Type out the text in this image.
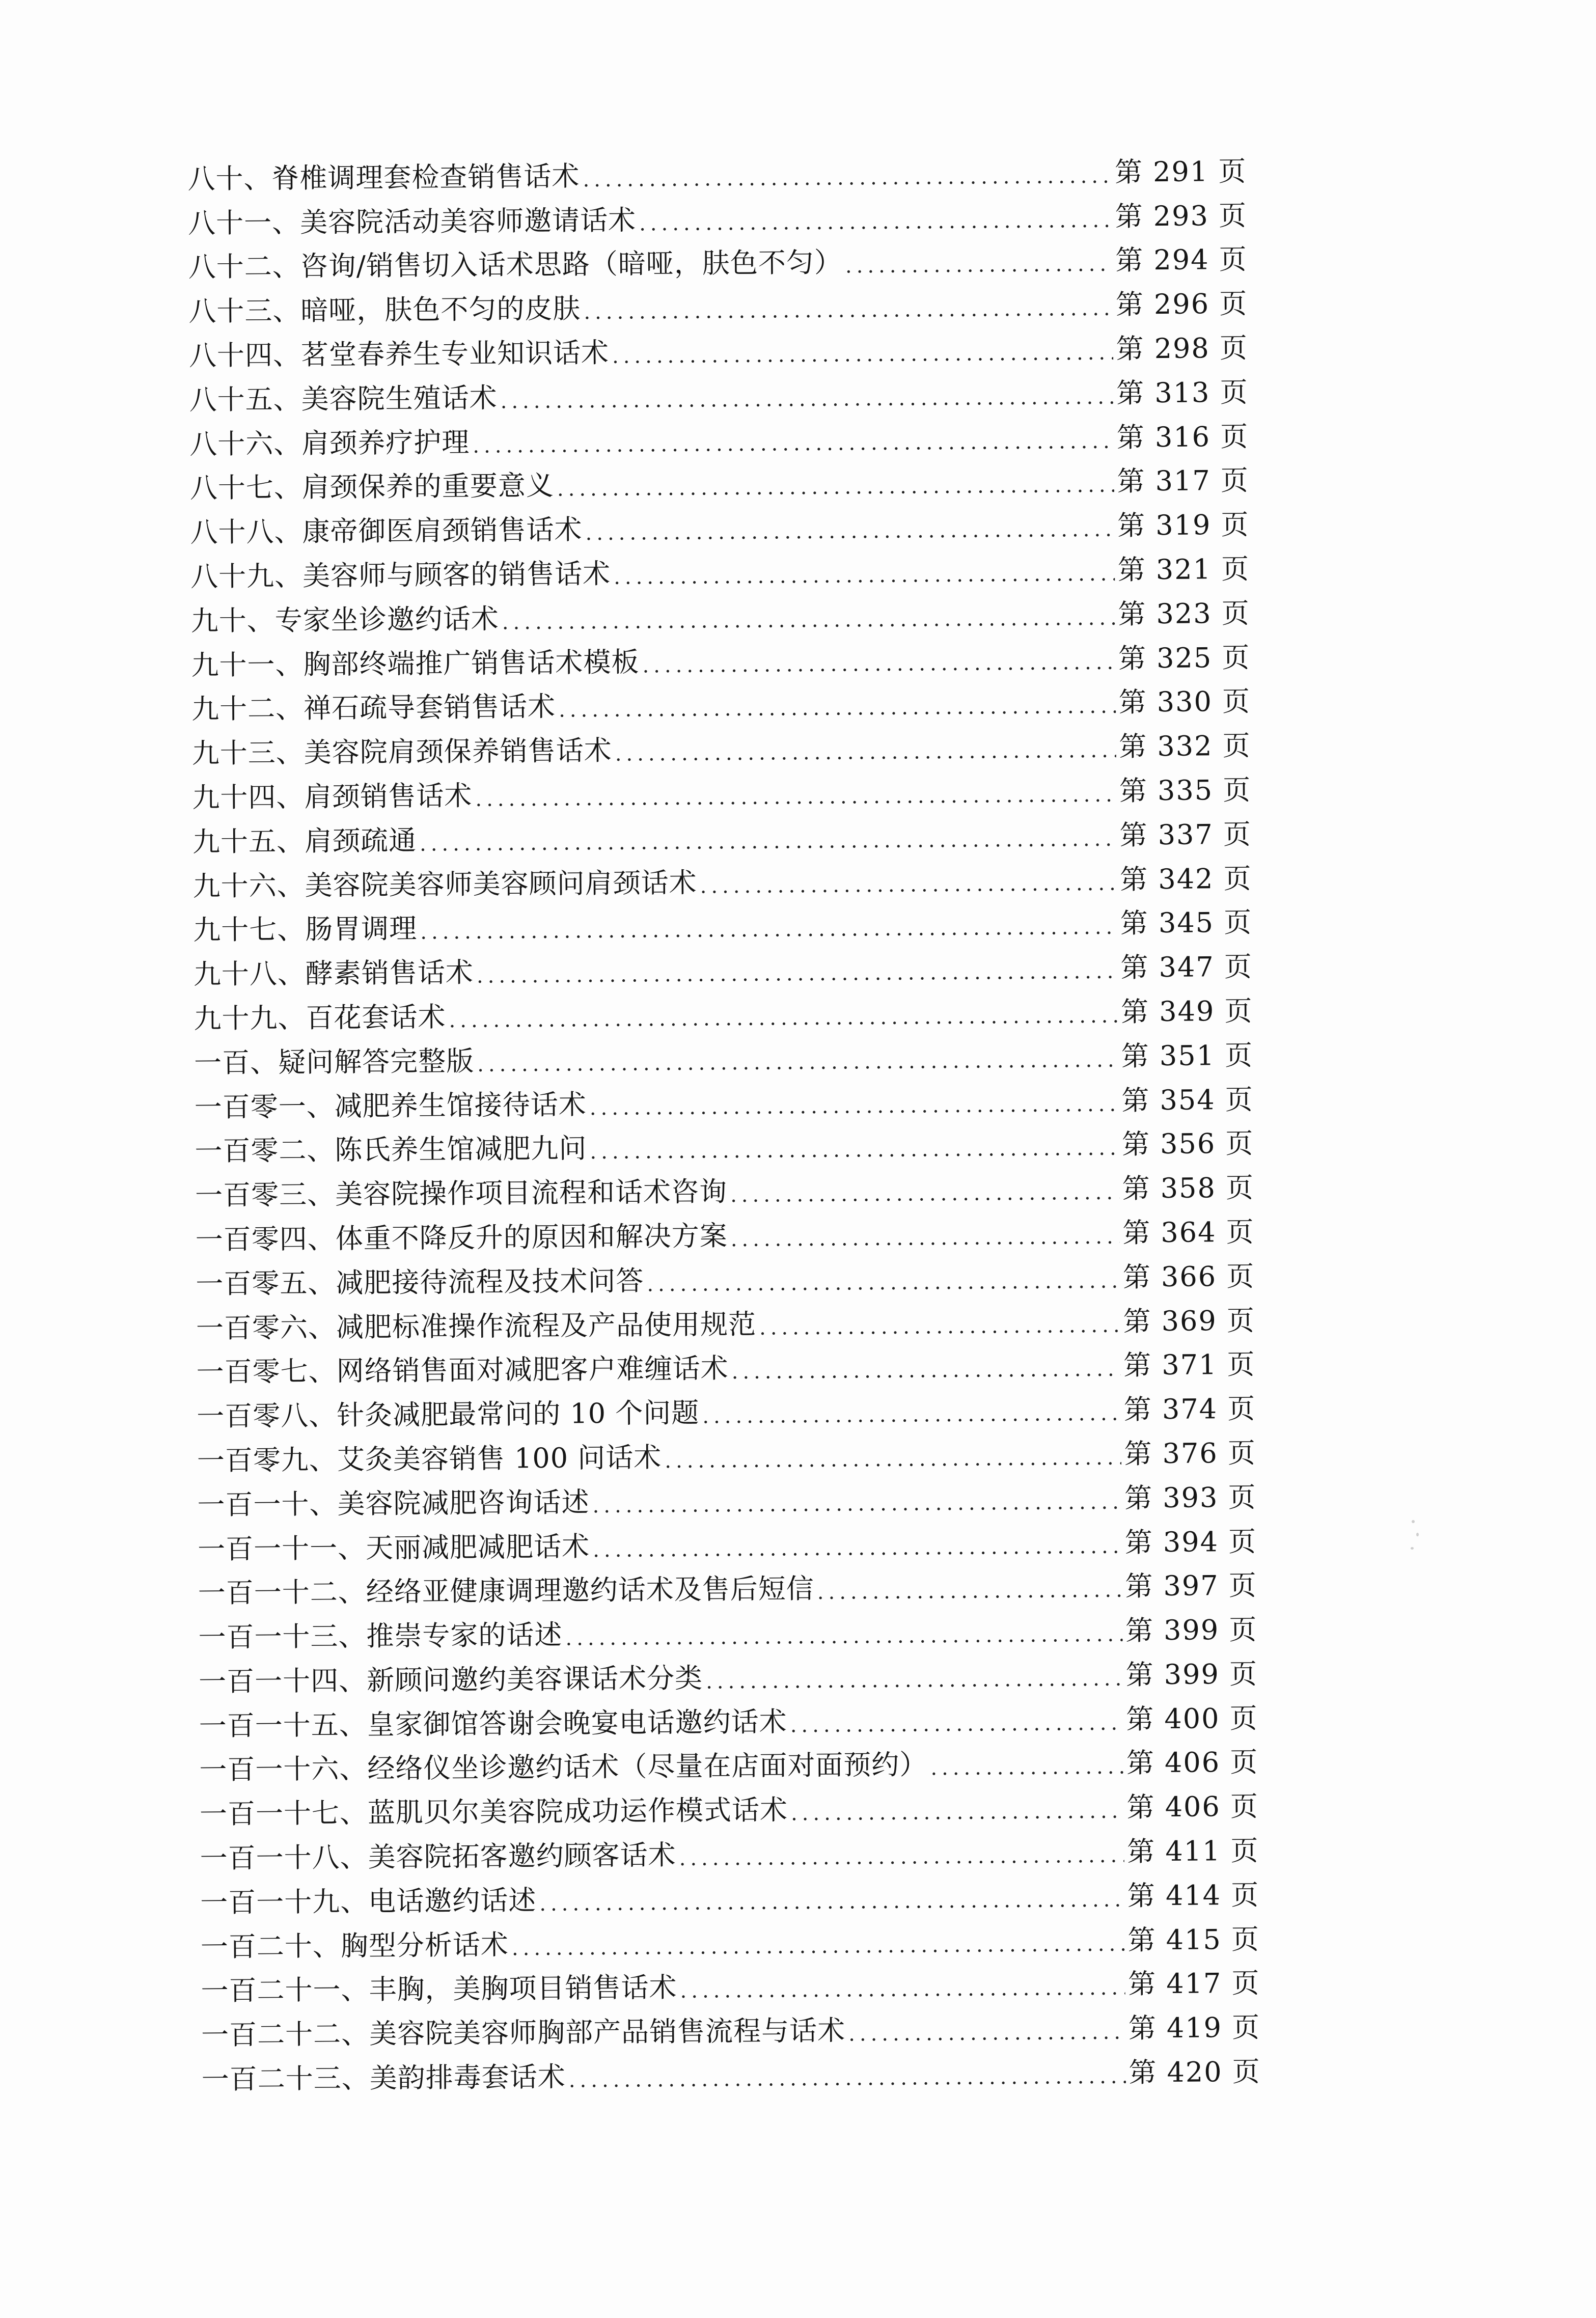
八十、脊椎调理套检查销售话术 .....	第 291 页
八十一、美容院活动美容师邀请话术 .....	第 293 页
八十二、咨询/销售切入话术思路（暗哑，肤色不匀） .....	第 294 页
八十三、暗哑，肤色不匀的皮肤 .....	第 296 页
八十四、茗堂春养生专业知识话术 .....	第 298 页
八十五、美容院生殖话术 .....	第 313 页
八十六、肩颈养疗护理 .....	第 316 页
八十七、肩颈保养的重要意义 .....	第 317 页
八十八、康帝御医肩颈销售话术 .....	第 319 页
八十九、美容师与顾客的销售话术 .....	第 321 页
九十、专家坐诊邀约话术 .....	第 323 页
九十一、胸部终端推广销售话术模板 .....	第 325 页
九十二、禅石疏导套销售话术 .....	第 330 页
九十三、美容院肩颈保养销售话术 .....	第 332 页
九十四、肩颈销售话术 .....	第 335 页
九十五、肩颈疏通 .....	第 337 页
九十六、美容院美容师美容顾问肩颈话术 .....	第 342 页
九十七、肠胃调理 .....	第 345 页
九十八、酵素销售话术 .....	第 347 页
九十九、百花套话术 .....	第 349 页
一百、疑问解答完整版 .....	第 351 页
一百零一、减肥养生馆接待话术 .....	第 354 页
一百零二、陈氏养生馆减肥九问 .....	第 356 页
一百零三、美容院操作项目流程和话术咨询 .....	第 358 页
一百零四、体重不降反升的原因和解决方案 .....	第 364 页
一百零五、减肥接待流程及技术问答 .....	第 366 页
一百零六、减肥标准操作流程及产品使用规范 .....	第 369 页
一百零七、网络销售面对减肥客户难缠话术 .....	第 371 页
一百零八、针灸减肥最常问的 10 个问题 .....	第 374 页
一百零九、艾灸美容销售 100 问话术 .....	第 376 页
一百一十、美容院减肥咨询话述 .....	第 393 页
一百一十一、天丽减肥减肥话术 .....	第 394 页
一百一十二、经络亚健康调理邀约话术及售后短信 .....	第 397 页
一百一十三、推崇专家的话述 .....	第 399 页
一百一十四、新顾问邀约美容课话术分类 .....	第 399 页
一百一十五、皇家御馆答谢会晚宴电话邀约话术 .....	第 400 页
一百一十六、经络仪坐诊邀约话术（尽量在店面对面预约） .....	第 406 页
一百一十七、蓝肌贝尔美容院成功运作模式话术 .....	第 406 页
一百一十八、美容院拓客邀约顾客话术 .....	第 411 页
一百一十九、电话邀约话述 .....	第 414 页
一百二十、胸型分析话术 .....	第 415 页
一百二十一、丰胸，美胸项目销售话术 .....	第 417 页
一百二十二、美容院美容师胸部产品销售流程与话术 .....	第 419 页
一百二十三、美韵排毒套话术 .....	第 420 页
